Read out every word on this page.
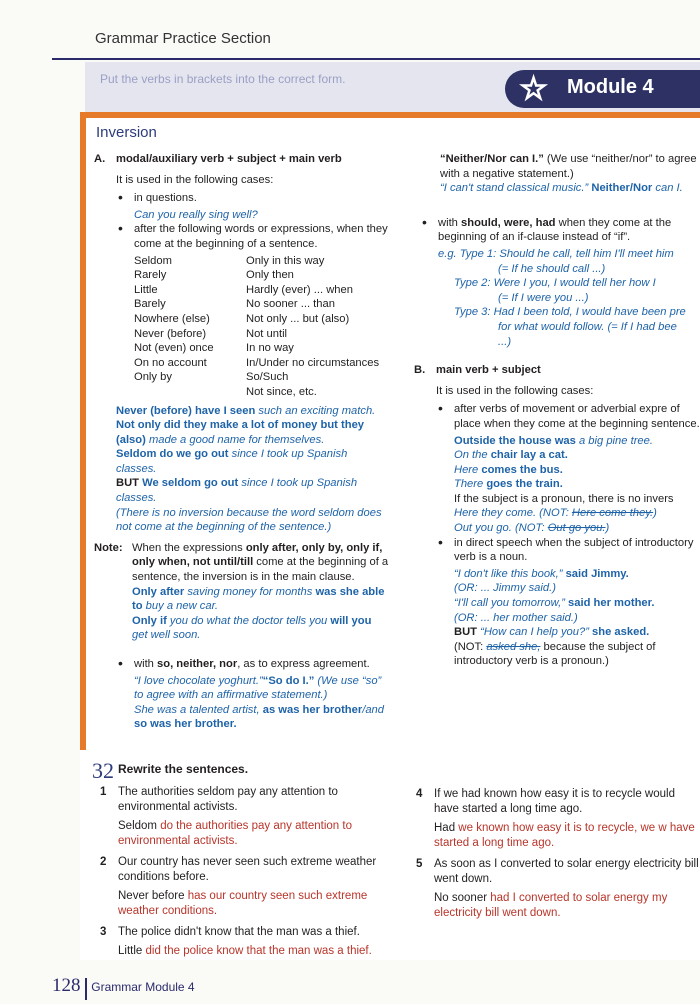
Grammar Practice Section
Put the verbs in brackets into the correct form.	★ Module 4
Inversion
A. modal/auxiliary verb + subject + main verb
It is used in the following cases:
• in questions.
Can you really sing well?
• after the following words or expressions, when they come at the beginning of a sentence.
Seldom	Only in this way
Rarely	Only then
Little	Hardly (ever) ... when
Barely	No sooner ... than
Nowhere (else)	Not only ... but (also)
Never (before)	Not until
Not (even) once	In no way
On no account	In/Under no circumstances
Only by	So/Such
	Not since, etc.
Never (before) have I seen such an exciting match.
Not only did they make a lot of money but they (also) made a good name for themselves.
Seldom do we go out since I took up Spanish classes.
BUT We seldom go out since I took up Spanish classes.
(There is no inversion because the word seldom does not come at the beginning of the sentence.)
Note: When the expressions only after, only by, only if, only when, not until/till come at the beginning of a sentence, the inversion is in the main clause.
Only after saving money for months was she able to buy a new car.
Only if you do what the doctor tells you will you get well soon.
• with so, neither, nor, as to express agreement.
“I love chocolate yoghurt.”“So do I.” (We use “so” to agree with an affirmative statement.)
She was a talented artist, as was her brother/and so was her brother.
“Neither/Nor can I.” (We use “neither/nor” to agree with a negative statement.)
“I can't stand classical music.” Neither/Nor can I.
• with should, were, had when they come at the beginning of an if-clause instead of “if”.
e.g. Type 1: Should he call, tell him I'll meet him
(= If he should call ...)
Type 2: Were I you, I would tell her how I
(= If I were you ...)
Type 3: Had I been told, I would have been pre
for what would follow. (= If I had bee
...)
B. main verb + subject
It is used in the following cases:
• after verbs of movement or adverbial expre of place when they come at the beginning sentence.
Outside the house was a big pine tree.
On the chair lay a cat.
Here comes the bus.
There goes the train.
If the subject is a pronoun, there is no invers
Here they come. (NOT: Here come they.)
Out you go. (NOT: Out go you.)
• in direct speech when the subject of introductory verb is a noun.
“I don't like this book,” said Jimmy.
(OR: ... Jimmy said.)
“I'll call you tomorrow,” said her mother.
(OR: ... her mother said.)
BUT “How can I help you?” she asked.
(NOT: asked she, because the subject of introductory verb is a pronoun.)
32 Rewrite the sentences.
1 The authorities seldom pay any attention to environmental activists.
Seldom do the authorities pay any attention to environmental activists.
2 Our country has never seen such extreme weather conditions before.
Never before has our country seen such extreme weather conditions.
3 The police didn't know that the man was a thief.
Little did the police know that the man was a thief.
4 If we had known how easy it is to recycle would have started a long time ago.
Had we known how easy it is to recycle, we w have started a long time ago.
5 As soon as I converted to solar energy electricity bill went down.
No sooner had I converted to solar energy my electricity bill went down.
128 Grammar Module 4
